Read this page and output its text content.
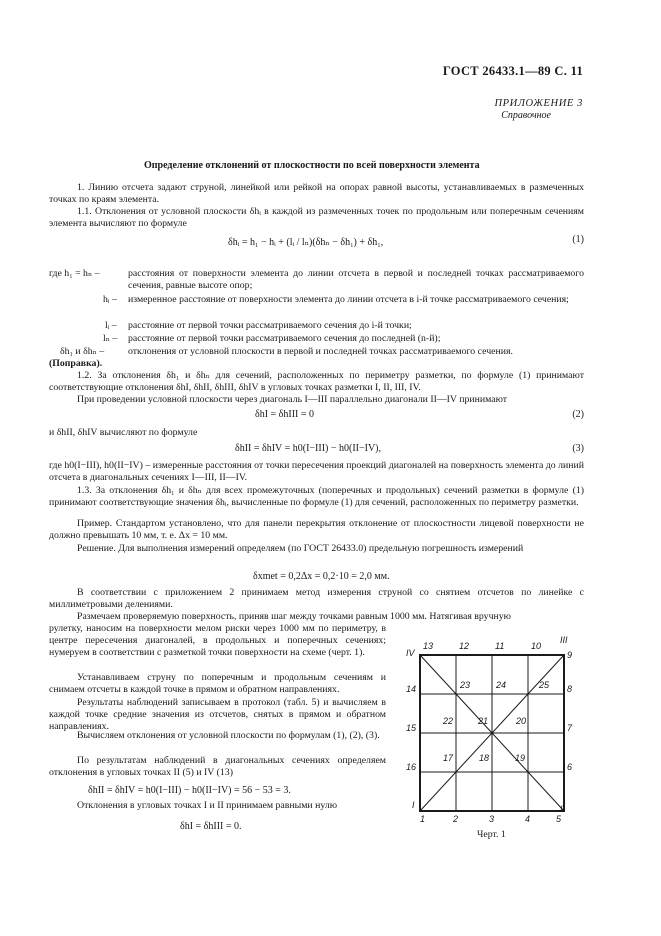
ГОСТ 26433.1—89 С. 11
ПРИЛОЖЕНИЕ 3
Справочное
Определение отклонений от плоскостности по всей поверхности элемента
1. Линию отсчета задают струной, линейкой или рейкой на опорах равной высоты, устанавливаемых в размеченных точках по краям элемента.
1.1. Отклонения от условной плоскости δhᵢ в каждой из размеченных точек по продольным или поперечным сечениям элемента вычисляют по формуле
δhᵢ = h₁ − hᵢ + (lᵢ / lₙ)(δhₙ − δh₁) + δh₁,	(1)
где h₁ = hₙ –	расстояния от поверхности элемента до линии отсчета в первой и последней точках рассматриваемого сечения, равные высоте опор;
hᵢ – измеренное расстояние от поверхности элемента до линии отсчета в i-й точке рассматриваемого сечения;
lᵢ – расстояние от первой точки рассматриваемого сечения до i-й точки;
lₙ – расстояние от первой точки рассматриваемого сечения до последней (n-й);
δh₁ и δhₙ – отклонения от условной плоскости в первой и последней точках рассматриваемого сечения.
(Поправка).
1.2. За отклонения δh₁ и δhₙ для сечений, расположенных по периметру разметки, по формуле (1) принимают соответствующие отклонения δhI, δhII, δhIII, δhIV в угловых точках разметки I, II, III, IV.
При проведении условной плоскости через диагональ I—III параллельно диагонали II—IV принимают
δhI = δhIII = 0	(2)
и δhII, δhIV вычисляют по формуле
δhII = δhIV = h0(I−III) − h0(II−IV),	(3)
где h0(I−III), h0(II−IV) – измеренные расстояния от точки пересечения проекций диагоналей на поверхность элемента до линий отсчета в диагональных сечениях I—III, II—IV.
1.3. За отклонения δh₁ и δhₙ для всех промежуточных (поперечных и продольных) сечений разметки в формуле (1) принимают соответствующие значения δhᵢ, вычисленные по формуле (1) для сечений, расположенных по периметру разметки.
Пример. Стандартом установлено, что для панели перекрытия отклонение от плоскостности лицевой поверхности не должно превышать 10 мм, т. е. Δx = 10 мм.
Решение. Для выполнения измерений определяем (по ГОСТ 26433.0) предельную погрешность измерений
δxmet = 0,2Δx = 0,2·10 = 2,0 мм.
В соответствии с приложением 2 принимаем метод измерения струной со снятием отсчетов по линейке с миллиметровыми делениями.
Размечаем проверяемую поверхность, приняв шаг между точками равным 1000 мм. Натягивая вручную
рулетку, наносим на поверхности мелом риски через 1000 мм по периметру, в центре пересечения диагоналей, в продольных и поперечных сечениях; нумеруем в соответствии с разметкой точки поверхности на схеме (черт. 1).
Устанавливаем струну по поперечным и продольным сечениям и снимаем отсчеты в каждой точке в прямом и обратном направлениях.
Результаты наблюдений записываем в протокол (табл. 5) и вычисляем в каждой точке средние значения из отсчетов, снятых в прямом и обратном направлениях.
Вычисляем отклонения от условной плоскости по формулам (1), (2), (3).
По результатам наблюдений в диагональных сечениях определяем отклонения в угловых точках II (5) и IV (13)
δhII = δhIV = h0(I−III) − h0(II−IV) = 56 − 53 = 3.
Отклонения в угловых точках I и II принимаем равными нулю
δhI = δhIII = 0.
IV
III
I	II
1	2	3	4	5
13	12	11	10
14
15
16
9
8
7
6
23	24	25
22	21	20
17	18	19
Черт. 1
